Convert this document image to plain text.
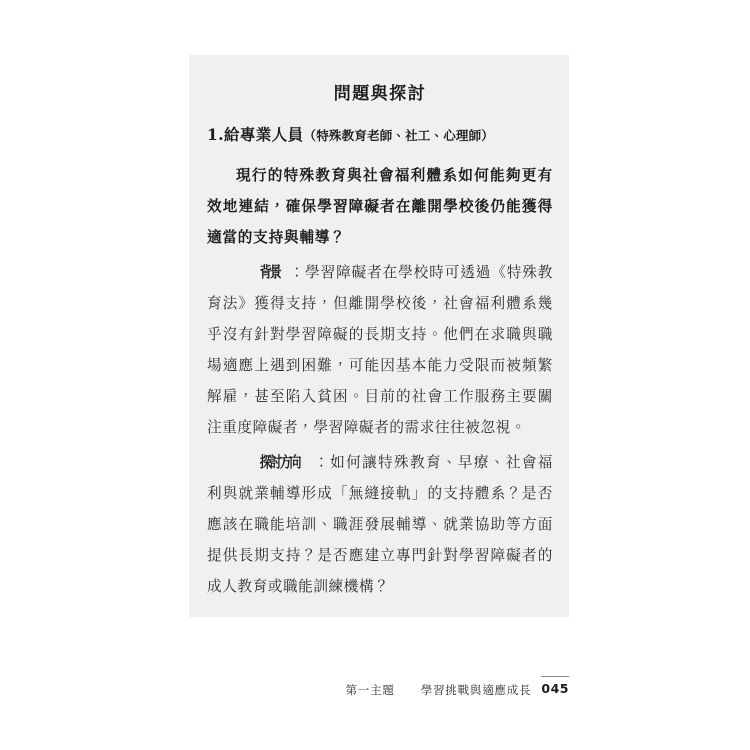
問題與探討
1.給專業人員（特殊教育老師、社工、心理師）

現行的特殊教育與社會福利體系如何能夠更有效地連結，確保學習障礙者在離開學校後仍能獲得適當的支持與輔導？

背景 ：學習障礙者在學校時可透過《特殊教育法》獲得支持，但離開學校後，社會福利體系幾乎沒有針對學習障礙的長期支持。他們在求職與職場適應上遇到困難，可能因基本能力受限而被頻繁解雇，甚至陷入貧困。目前的社會工作服務主要關注重度障礙者，學習障礙者的需求往往被忽視。

探討方向 ：如何讓特殊教育、早療、社會福利與就業輔導形成「無縫接軌」的支持體系？是否應該在職能培訓、職涯發展輔導、就業協助等方面提供長期支持？是否應建立專門針對學習障礙者的成人教育或職能訓練機構？

第一主題 學習挑戰與適應成長 045
